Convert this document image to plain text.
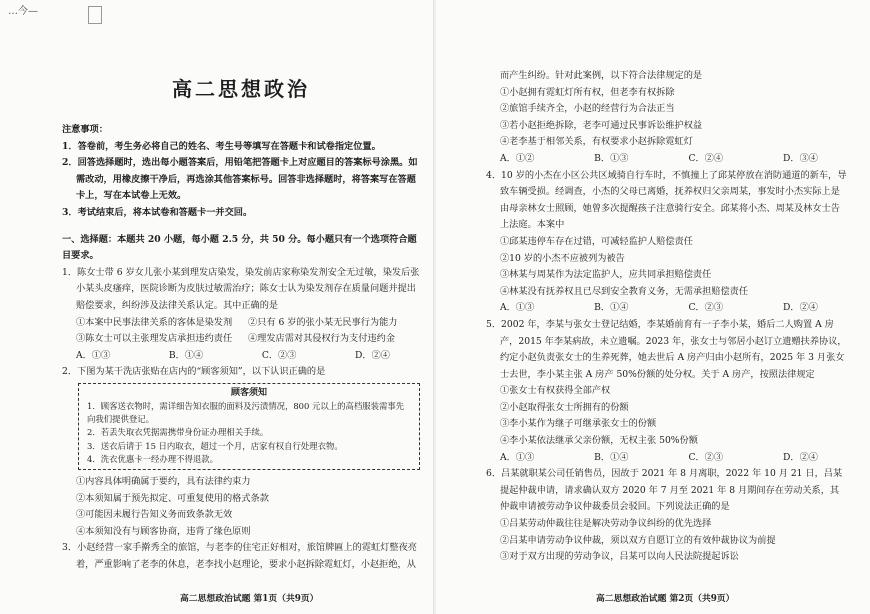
…今—
高二思想政治
注意事项：
1．答卷前，考生务必将自己的姓名、考生号等填写在答题卡和试卷指定位置。
2．回答选择题时，选出每小题答案后，用铅笔把答题卡上对应题目的答案标号涂黑。如需改动，用橡皮擦干净后，再选涂其他答案标号。回答非选择题时，将答案写在答题卡上，写在本试卷上无效。
3．考试结束后，将本试卷和答题卡一并交回。
一、选择题：本题共 20 小题，每小题 2.5 分，共 50 分。每小题只有一个选项符合题目要求。
1．陈女士带 6 岁女儿张小某到理发店染发，染发前店家称染发剂安全无过敏，染发后张小某头皮瘙痒，医院诊断为皮肤过敏需治疗；陈女士认为染发剂存在质量问题并提出赔偿要求，纠纷涉及法律关系认定。其中正确的是
①本案中民事法律关系的客体是染发剂	②只有 6 岁的张小某无民事行为能力
③陈女士可以主张理发店承担违约责任	④理发店需对其侵权行为支付违约金
A．①③	B．①④	C．②③	D．②④
2．下图为某干洗店张贴在店内的“顾客须知”，以下认识正确的是
顾客须知
1．顾客送衣物时，需详细告知衣服的面料及污渍情况，800 元以上的高档服装需事先向我们提供登记。
2．若丢失取衣凭据需携带身份证办理相关手续。
3．送衣后请于 15 日内取衣，超过一个月，店家有权自行处理衣物。
4．洗衣优惠卡一经办理不得退款。
①内容具体明确属于要约，具有法律约束力
②本须知属于预先拟定、可重复使用的格式条款
③可能因未履行告知义务而致条款无效
④本须知没有与顾客协商，违背了缘色原则
3．小赵经营一家手擀秀全的旅馆，与老李的住宅正好相对，旅馆牌匾上的霓虹灯整夜亮着，严重影响了老李的休息，老李找小赵理论，要求小赵拆除霓虹灯，小赵拒绝，从
高二思想政治试题 第1页（共9页）
而产生纠纷。针对此案例，以下符合法律规定的是
①小赵拥有霓虹灯所有权，但老李有权拆除
②旅馆手续齐全，小赵的经营行为合法正当
③若小赵拒绝拆除，老李可通过民事诉讼维护权益
④老李基于相邻关系，有权要求小赵拆除霓虹灯
A．①②	B．①③	C．②④	D．③④
4．10 岁的小杰在小区公共区域骑自行车时，不慎撞上了邱某停放在消防通道的新车，导致车辆受损。经调查，小杰的父母已离婚，抚养权归父亲周某，事发时小杰实际上是由母亲林女士照顾，她曾多次提醒孩子注意骑行安全。邱某将小杰、周某及林女士告上法庭。本案中
①邱某违停车存在过错，可减轻监护人赔偿责任
②10 岁的小杰不应被列为被告
③林某与周某作为法定监护人，应共同承担赔偿责任
④林某没有抚养权且已尽到安全教育义务，无需承担赔偿责任
A．①③	B．①④	C．②③	D．②④
5．2002 年，李某与张女士登记结婚，李某婚前育有一子李小某，婚后二人购置 A 房产，2015 年李某病故，未立遗嘱。2023 年，张女士与邻居小赵订立遗赠扶养协议，约定小赵负责张女士的生养死葬，她去世后 A 房产归由小赵所有，2025 年 3 月张女士去世，李小某主张 A 房产 50%份额的处分权。关于 A 房产，按照法律规定
①张女士有权获得全部产权
②小赵取得张女士所拥有的份额
③李小某作为继子可继承张女士的份额
④李小某依法继承父亲份额，无权主张 50%份额
A．①③	B．①④	C．②③	D．②④
6．吕某就职某公司任销售员，因故于 2021 年 8 月离职，2022 年 10 月 21 日，吕某提起仲裁申请，请求确认双方 2020 年 7 月至 2021 年 8 月期间存在劳动关系，其仲裁申请被劳动争议仲裁委员会驳回。下列说法正确的是
①吕某劳动仲裁往往是解决劳动争议纠纷的优先选择
②吕某申请劳动争议仲裁，须以双方自愿订立的有效仲裁协议为前提
③对于双方出现的劳动争议，吕某可以向人民法院提起诉讼
高二思想政治试题 第2页（共9页）
